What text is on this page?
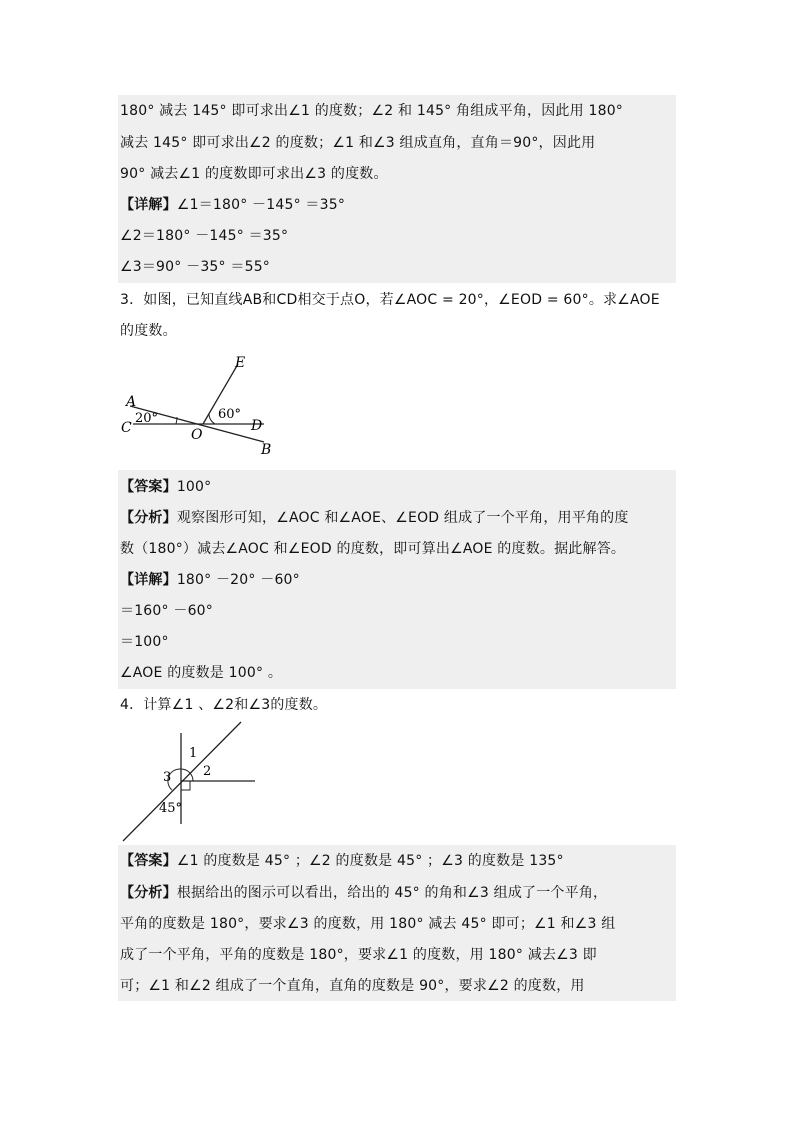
180° 减去 145° 即可求出∠1 的度数；∠2 和 145° 角组成平角，因此用 180°
减去 145° 即可求出∠2 的度数；∠1 和∠3 组成直角，直角＝90°，因此用
90° 减去∠1 的度数即可求出∠3 的度数。
【详解】∠1＝180° －145° ＝35°
∠2＝180° －145° ＝35°
∠3＝90° －35° ＝55°
3．如图，已知直线AB和CD相交于点O，若∠AOC = 20°，∠EOD = 60°。求∠AOE
的度数。
A
C
20°
O
60°
D
E
B
【答案】100°
【分析】观察图形可知，∠AOC 和∠AOE、∠EOD 组成了一个平角，用平角的度
数（180°）减去∠AOC 和∠EOD 的度数，即可算出∠AOE 的度数。据此解答。
【详解】180° －20° －60°
＝160° －60°
＝100°
∠AOE 的度数是 100° 。
4．计算∠1 、∠2和∠3的度数。
1
2
3
45°
【答案】∠1 的度数是 45° ；∠2 的度数是 45° ；∠3 的度数是 135°
【分析】根据给出的图示可以看出，给出的 45° 的角和∠3 组成了一个平角，
平角的度数是 180°，要求∠3 的度数，用 180° 减去 45° 即可；∠1 和∠3 组
成了一个平角，平角的度数是 180°，要求∠1 的度数，用 180° 减去∠3 即
可；∠1 和∠2 组成了一个直角，直角的度数是 90°，要求∠2 的度数，用
